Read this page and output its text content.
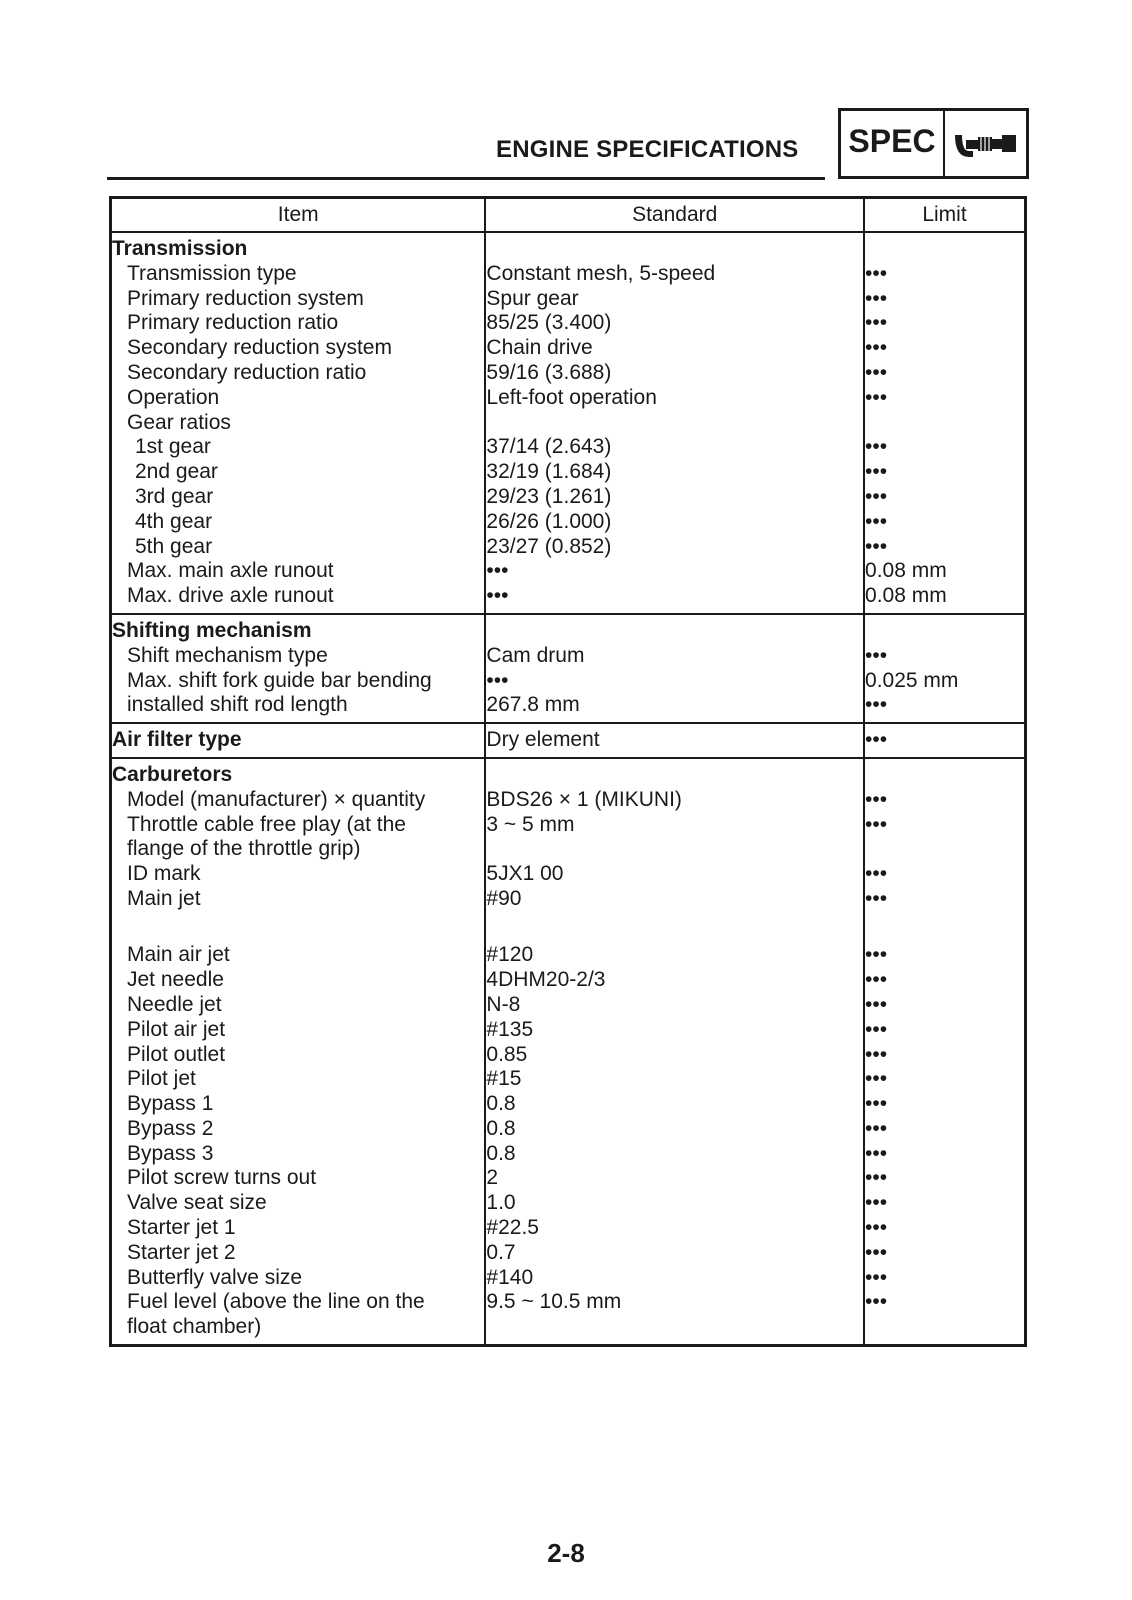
ENGINE SPECIFICATIONS SPEC
Item	Standard	Limit
Transmission		
Transmission type	Constant mesh, 5-speed	•••
Primary reduction system	Spur gear	•••
Primary reduction ratio	85/25 (3.400)	•••
Secondary reduction system	Chain drive	•••
Secondary reduction ratio	59/16 (3.688)	•••
Operation	Left-foot operation	•••
Gear ratios		
1st gear	37/14 (2.643)	•••
2nd gear	32/19 (1.684)	•••
3rd gear	29/23 (1.261)	•••
4th gear	26/26 (1.000)	•••
5th gear	23/27 (0.852)	•••
Max. main axle runout	•••	0.08 mm
Max. drive axle runout	•••	0.08 mm
Shifting mechanism		
Shift mechanism type	Cam drum	•••
Max. shift fork guide bar bending	•••	0.025 mm
installed shift rod length	267.8 mm	•••
Air filter type	Dry element	•••
Carburetors		
Model (manufacturer) × quantity	BDS26 × 1 (MIKUNI)	•••
Throttle cable free play (at the	3 ~ 5 mm	•••
flange of the throttle grip)		
ID mark	5JX1 00	•••
Main jet	#90	•••

Main air jet	#120	•••
Jet needle	4DHM20-2/3	•••
Needle jet	N-8	•••
Pilot air jet	#135	•••
Pilot outlet	0.85	•••
Pilot jet	#15	•••
Bypass 1	0.8	•••
Bypass 2	0.8	•••
Bypass 3	0.8	•••
Pilot screw turns out	2	•••
Valve seat size	1.0	•••
Starter jet 1	#22.5	•••
Starter jet 2	0.7	•••
Butterfly valve size	#140	•••
Fuel level (above the line on the	9.5 ~ 10.5 mm	•••
float chamber)		
2-8
